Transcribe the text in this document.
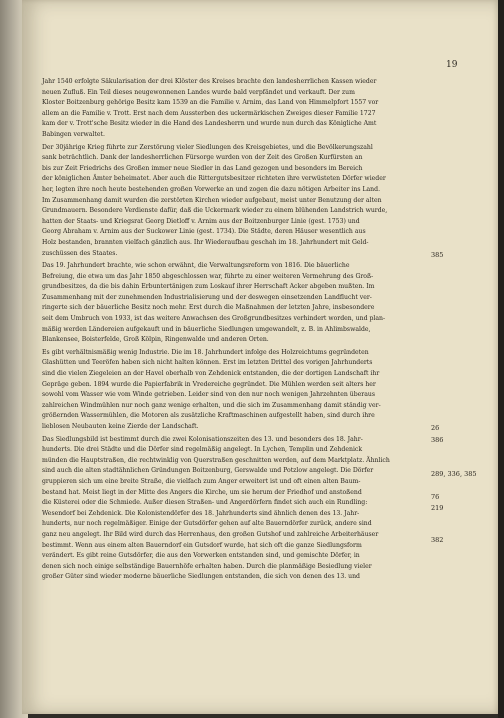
19

Jahr 1540 erfolgte Säkularisation der drei Klöster des Kreises brachte den landesherrlichen Kassen wieder
neuen Zufluß. Ein Teil dieses neugewonnenen Landes wurde bald verpfändet und verkauft. Der zum
Kloster Boitzenburg gehörige Besitz kam 1539 an die Familie v. Arnim, das Land von Himmelpfort 1557 vor
allem an die Familie v. Trott. Erst nach dem Aussterben des uckermärkischen Zweiges dieser Familie 1727
kam der v. Trott'sche Besitz wieder in die Hand des Landesherrn und wurde nun durch das Königliche Amt
Babingen verwaltet.

Der 30jährige Krieg führte zur Zerstörung vieler Siedlungen des Kreisgebietes, und die Bevölkerungszahl
sank beträchtlich. Dank der landesherrlichen Fürsorge wurden von der Zeit des Großen Kurfürsten an
bis zur Zeit Friedrichs des Großen immer neue Siedler in das Land gezogen und besonders im Bereich
der königlichen Ämter beheimatet. Aber auch die Rittergutsbesitzer richteten ihre verwüsteten Dörfer wieder
her, legten ihre noch heute bestehenden großen Vorwerke an und zogen die dazu nötigen Arbeiter ins Land.
Im Zusammenhang damit wurden die zerstörten Kirchen wieder aufgebaut, meist unter Benutzung der alten
Grundmauern. Besondere Verdienste dafür, daß die Uckermark wieder zu einem blühenden Landstrich wurde,
hatten der Staats- und Kriegsrat Georg Dietloff v. Arnim aus der Boitzenburger Linie (gest. 1753) und
Georg Abraham v. Arnim aus der Suckower Linie (gest. 1734). Die Städte, deren Häuser wesentlich aus
Holz bestanden, brannten vielfach gänzlich aus. Ihr Wiederaufbau geschah im 18. Jahrhundert mit Geld-
zuschüssen des Staates.

Das 19. Jahrhundert brachte, wie schon erwähnt, die Verwaltungsreform von 1816. Die bäuerliche
Befreiung, die etwa um das Jahr 1850 abgeschlossen war, führte zu einer weiteren Vermehrung des Groß-
grundbesitzes, da die bis dahin Erbuntertänigen zum Loskauf ihrer Herrschaft Acker abgeben mußten. Im
Zusammenhang mit der zunehmenden Industrialisierung und der deswegen einsetzenden Landflucht ver-
ringerte sich der bäuerliche Besitz noch mehr. Erst durch die Maßnahmen der letzten Jahre, insbesondere
seit dem Umbruch von 1933, ist das weitere Anwachsen des Großgrundbesitzes verhindert worden, und plan-
mäßig werden Ländereien aufgekauft und in bäuerliche Siedlungen umgewandelt, z. B. in Ahlimbswalde,
Blankensee, Boisterfelde, Groß Kölpin, Ringenwalde und anderen Orten.

Es gibt verhältnismäßig wenig Industrie. Die im 18. Jahrhundert infolge des Holzreichtums gegründeten
Glashütten und Teeröfen haben sich nicht halten können. Erst im letzten Drittel des vorigen Jahrhunderts
sind die vielen Ziegeleien an der Havel oberhalb von Zehdenick entstanden, die der dortigen Landschaft ihr
Gepräge geben. 1894 wurde die Papierfabrik in Vredereiche gegründet. Die Mühlen werden seit alters her
sowohl vom Wasser wie vom Winde getrieben. Leider sind von den nur noch wenigen Jahrzehnten überaus
zahlreichen Windmühlen nur noch ganz wenige erhalten, und die sich im Zusammenhang damit ständig ver-
größernden Wassermühlen, die Motoren als zusätzliche Kraftmaschinen aufgestellt haben, sind durch ihre
lieblosen Neubauten keine Zierde der Landschaft.

Das Siedlungsbild ist bestimmt durch die zwei Kolonisationszeiten des 13. und besonders des 18. Jahr-
hunderts. Die drei Städte und die Dörfer sind regelmäßig angelegt. In Lychen, Templin und Zehdenick
münden die Hauptstraßen, die rechtwinklig von Querstraßen geschnitten werden, auf dem Marktplatz. Ähnlich
sind auch die alten stadtähnlichen Gründungen Boitzenburg, Gerswalde und Potzlow angelegt. Die Dörfer
gruppieren sich um eine breite Straße, die vielfach zum Anger erweitert ist und oft einen alten Baum-
bestand hat. Meist liegt in der Mitte des Angers die Kirche, um sie herum der Friedhof und anstoßend
die Küsterei oder die Schmiede. Außer diesen Straßen- und Angerdörfern findet sich auch ein Rundling:
Wesendorf bei Zehdenick. Die Kolonistendörfer des 18. Jahrhunderts sind ähnlich denen des 13. Jahr-
hunderts, nur noch regelmäßiger. Einige der Gutsdörfer gehen auf alte Bauerndörfer zurück, andere sind
ganz neu angelegt. Ihr Bild wird durch das Herrenhaus, den großen Gutshof und zahlreiche Arbeiterhäuser
bestimmt. Wenn aus einem alten Bauerndorf ein Gutsdorf wurde, hat sich oft die ganze Siedlungsform
verändert. Es gibt reine Gutsdörfer, die aus den Vorwerken entstanden sind, und gemischte Dörfer, in
denen sich noch einige selbständige Bauernhöfe erhalten haben. Durch die planmäßige Besiedlung vieler
großer Güter sind wieder moderne bäuerliche Siedlungen entstanden, die sich von denen des 13. und

385
26
386
289, 336, 385
76
219
382
